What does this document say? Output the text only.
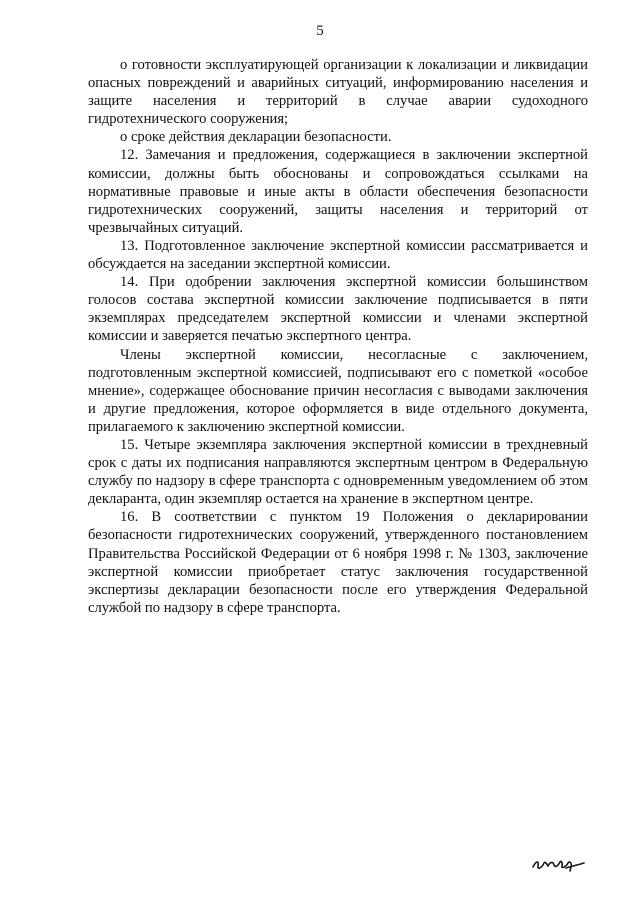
5

о готовности эксплуатирующей организации к локализации и ликвидации опасных повреждений и аварийных ситуаций, информированию населения и защите населения и территорий в случае аварии судоходного гидротехнического сооружения;

о сроке действия декларации безопасности.

12. Замечания и предложения, содержащиеся в заключении экспертной комиссии, должны быть обоснованы и сопровождаться ссылками на нормативные правовые и иные акты в области обеспечения безопасности гидротехнических сооружений, защиты населения и территорий от чрезвычайных ситуаций.

13. Подготовленное заключение экспертной комиссии рассматривается и обсуждается на заседании экспертной комиссии.

14. При одобрении заключения экспертной комиссии большинством голосов состава экспертной комиссии заключение подписывается в пяти экземплярах председателем экспертной комиссии и членами экспертной комиссии и заверяется печатью экспертного центра.

Члены экспертной комиссии, несогласные с заключением, подготовленным экспертной комиссией, подписывают его с пометкой «особое мнение», содержащее обоснование причин несогласия с выводами заключения и другие предложения, которое оформляется в виде отдельного документа, прилагаемого к заключению экспертной комиссии.

15. Четыре экземпляра заключения экспертной комиссии в трехдневный срок с даты их подписания направляются экспертным центром в Федеральную службу по надзору в сфере транспорта с одновременным уведомлением об этом декларанта, один экземпляр остается на хранение в экспертном центре.

16. В соответствии с пунктом 19 Положения о декларировании безопасности гидротехнических сооружений, утвержденного постановлением Правительства Российской Федерации от 6 ноября 1998 г. № 1303, заключение экспертной комиссии приобретает статус заключения государственной экспертизы декларации безопасности после его утверждения Федеральной службой по надзору в сфере транспорта.
